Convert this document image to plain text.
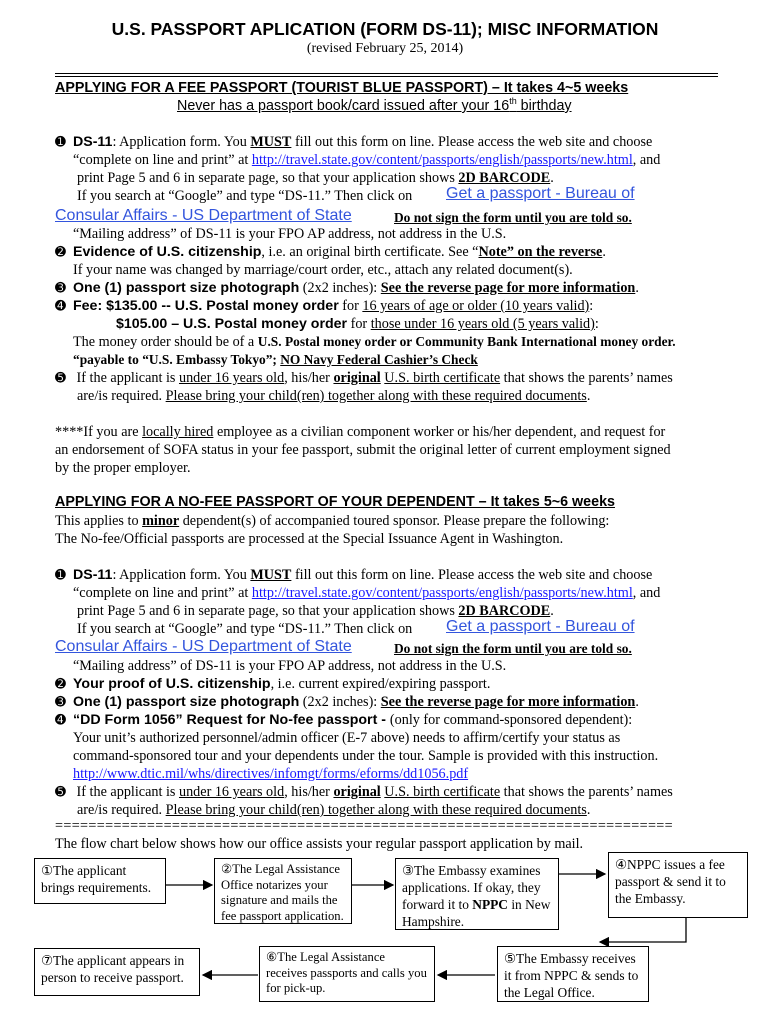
U.S. PASSPORT APLICATION (FORM DS-11); MISC INFORMATION
(revised February 25, 2014)
APPLYING FOR A FEE PASSPORT (TOURIST BLUE PASSPORT) – It takes 4~5 weeks
Never has a passport book/card issued after your 16th birthday
➊ DS-11: Application form. You MUST fill out this form on line. Please access the web site and choose
“complete on line and print” at http://travel.state.gov/content/passports/english/passports/new.html, and
print Page 5 and 6 in separate page, so that your application shows 2D BARCODE.
If you search at “Google” and type “DS-11.” Then click on Get a passport - Bureau of
Consular Affairs - US Department of State	Do not sign the form until you are told so.
“Mailing address” of DS-11 is your FPO AP address, not address in the U.S.
➋ Evidence of U.S. citizenship, i.e. an original birth certificate. See “Note” on the reverse.
If your name was changed by marriage/court order, etc., attach any related document(s).
➌ One (1) passport size photograph (2x2 inches): See the reverse page for more information.
➍ Fee: $135.00 -- U.S. Postal money order for 16 years of age or older (10 years valid):
$105.00 – U.S. Postal money order for those under 16 years old (5 years valid):
The money order should be of a U.S. Postal money order or Community Bank International money order.
“payable to “U.S. Embassy Tokyo”; NO Navy Federal Cashier’s Check
➎ If the applicant is under 16 years old, his/her original U.S. birth certificate that shows the parents’ names
are/is required. Please bring your child(ren) together along with these required documents.
****If you are locally hired employee as a civilian component worker or his/her dependent, and request for
an endorsement of SOFA status in your fee passport, submit the original letter of current employment signed
by the proper employer.
APPLYING FOR A NO-FEE PASSPORT OF YOUR DEPENDENT – It takes 5~6 weeks
This applies to minor dependent(s) of accompanied toured sponsor. Please prepare the following:
The No-fee/Official passports are processed at the Special Issuance Agent in Washington.
➊ DS-11: Application form. You MUST fill out this form on line. Please access the web site and choose
“complete on line and print” at http://travel.state.gov/content/passports/english/passports/new.html, and
print Page 5 and 6 in separate page, so that your application shows 2D BARCODE.
If you search at “Google” and type “DS-11.” Then click on Get a passport - Bureau of
Consular Affairs - US Department of State	Do not sign the form until you are told so.
“Mailing address” of DS-11 is your FPO AP address, not address in the U.S.
➋ Your proof of U.S. citizenship, i.e. current expired/expiring passport.
➌ One (1) passport size photograph (2x2 inches): See the reverse page for more information.
➍ “DD Form 1056” Request for No-fee passport - (only for command-sponsored dependent):
Your unit’s authorized personnel/admin officer (E-7 above) needs to affirm/certify your status as
command-sponsored tour and your dependents under the tour. Sample is provided with this instruction.
http://www.dtic.mil/whs/directives/infomgt/forms/eforms/dd1056.pdf
➎ If the applicant is under 16 years old, his/her original U.S. birth certificate that shows the parents’ names
are/is required. Please bring your child(ren) together along with these required documents.
==========================================================================
The flow chart below shows how our office assists your regular passport application by mail.
①The applicant brings requirements.
②The Legal Assistance Office notarizes your signature and mails the fee passport application.
③The Embassy examines applications. If okay, they forward it to NPPC in New Hampshire.
④NPPC issues a fee passport & send it to the Embassy.
⑤The Embassy receives it from NPPC & sends to the Legal Office.
⑥The Legal Assistance receives passports and calls you for pick-up.
⑦The applicant appears in person to receive passport.
